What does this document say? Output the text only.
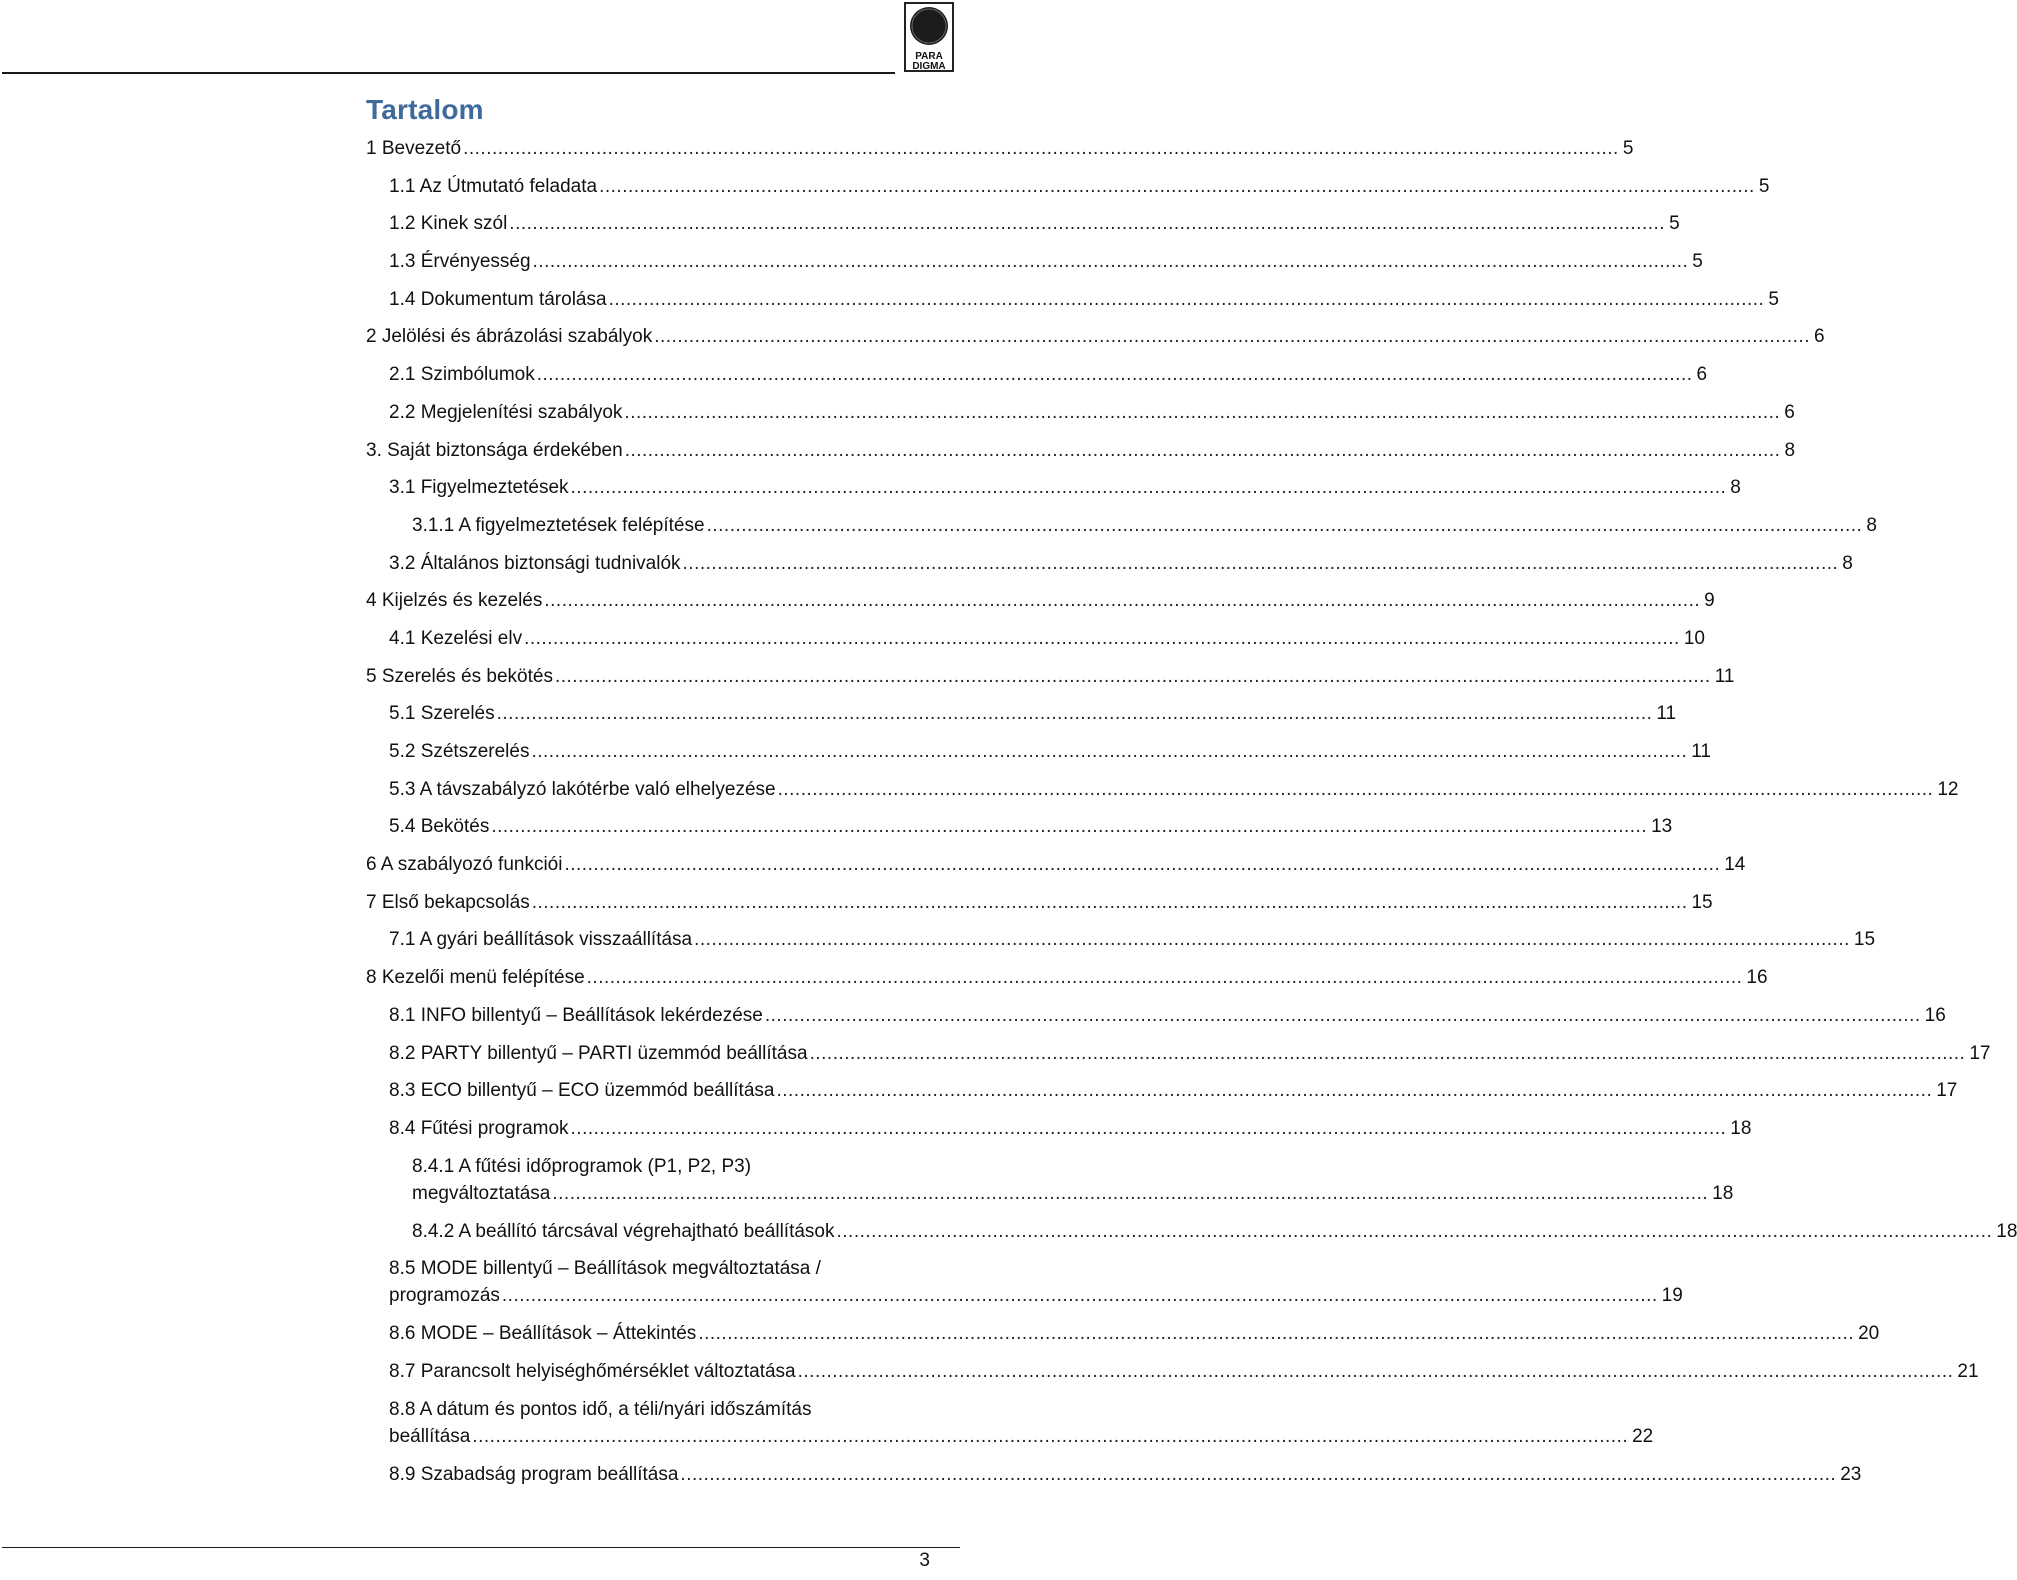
PARA
DIGMA
Tartalom
1 Bevezető ........................................................................................................................................................................................................ 5
1.1 Az Útmutató feladata ........................................................................................................................................................................................................ 5
1.2 Kinek szól ........................................................................................................................................................................................................ 5
1.3 Érvényesség ........................................................................................................................................................................................................ 5
1.4 Dokumentum tárolása ........................................................................................................................................................................................................ 5
2 Jelölési és ábrázolási szabályok ........................................................................................................................................................................................................ 6
2.1 Szimbólumok ........................................................................................................................................................................................................ 6
2.2 Megjelenítési szabályok ........................................................................................................................................................................................................ 6
3. Saját biztonsága érdekében ........................................................................................................................................................................................................ 8
3.1 Figyelmeztetések ........................................................................................................................................................................................................ 8
3.1.1 A figyelmeztetések felépítése ........................................................................................................................................................................................................ 8
3.2 Általános biztonsági tudnivalók ........................................................................................................................................................................................................ 8
4 Kijelzés és kezelés ........................................................................................................................................................................................................ 9
4.1 Kezelési elv ........................................................................................................................................................................................................ 10
5 Szerelés és bekötés ........................................................................................................................................................................................................ 11
5.1 Szerelés ........................................................................................................................................................................................................ 11
5.2 Szétszerelés ........................................................................................................................................................................................................ 11
5.3 A távszabályzó lakótérbe való elhelyezése ........................................................................................................................................................................................................ 12
5.4 Bekötés ........................................................................................................................................................................................................ 13
6 A szabályozó funkciói ........................................................................................................................................................................................................ 14
7 Első bekapcsolás ........................................................................................................................................................................................................ 15
7.1 A gyári beállítások visszaállítása ........................................................................................................................................................................................................ 15
8 Kezelői menü felépítése ........................................................................................................................................................................................................ 16
8.1 INFO billentyű – Beállítások lekérdezése ........................................................................................................................................................................................................ 16
8.2 PARTY billentyű – PARTI üzemmód beállítása ........................................................................................................................................................................................................ 17
8.3 ECO billentyű – ECO üzemmód beállítása ........................................................................................................................................................................................................ 17
8.4 Fűtési programok ........................................................................................................................................................................................................ 18
8.4.1 A fűtési időprogramok (P1, P2, P3)
megváltoztatása ........................................................................................................................................................................................................ 18
8.4.2 A beállító tárcsával végrehajtható beállítások ........................................................................................................................................................................................................ 18
8.5 MODE billentyű – Beállítások megváltoztatása /
programozás ........................................................................................................................................................................................................ 19
8.6 MODE – Beállítások – Áttekintés ........................................................................................................................................................................................................ 20
8.7 Parancsolt helyiséghőmérséklet változtatása ........................................................................................................................................................................................................ 21
8.8 A dátum és pontos idő, a téli/nyári időszámítás
beállítása ........................................................................................................................................................................................................ 22
8.9 Szabadság program beállítása ........................................................................................................................................................................................................ 23
3
